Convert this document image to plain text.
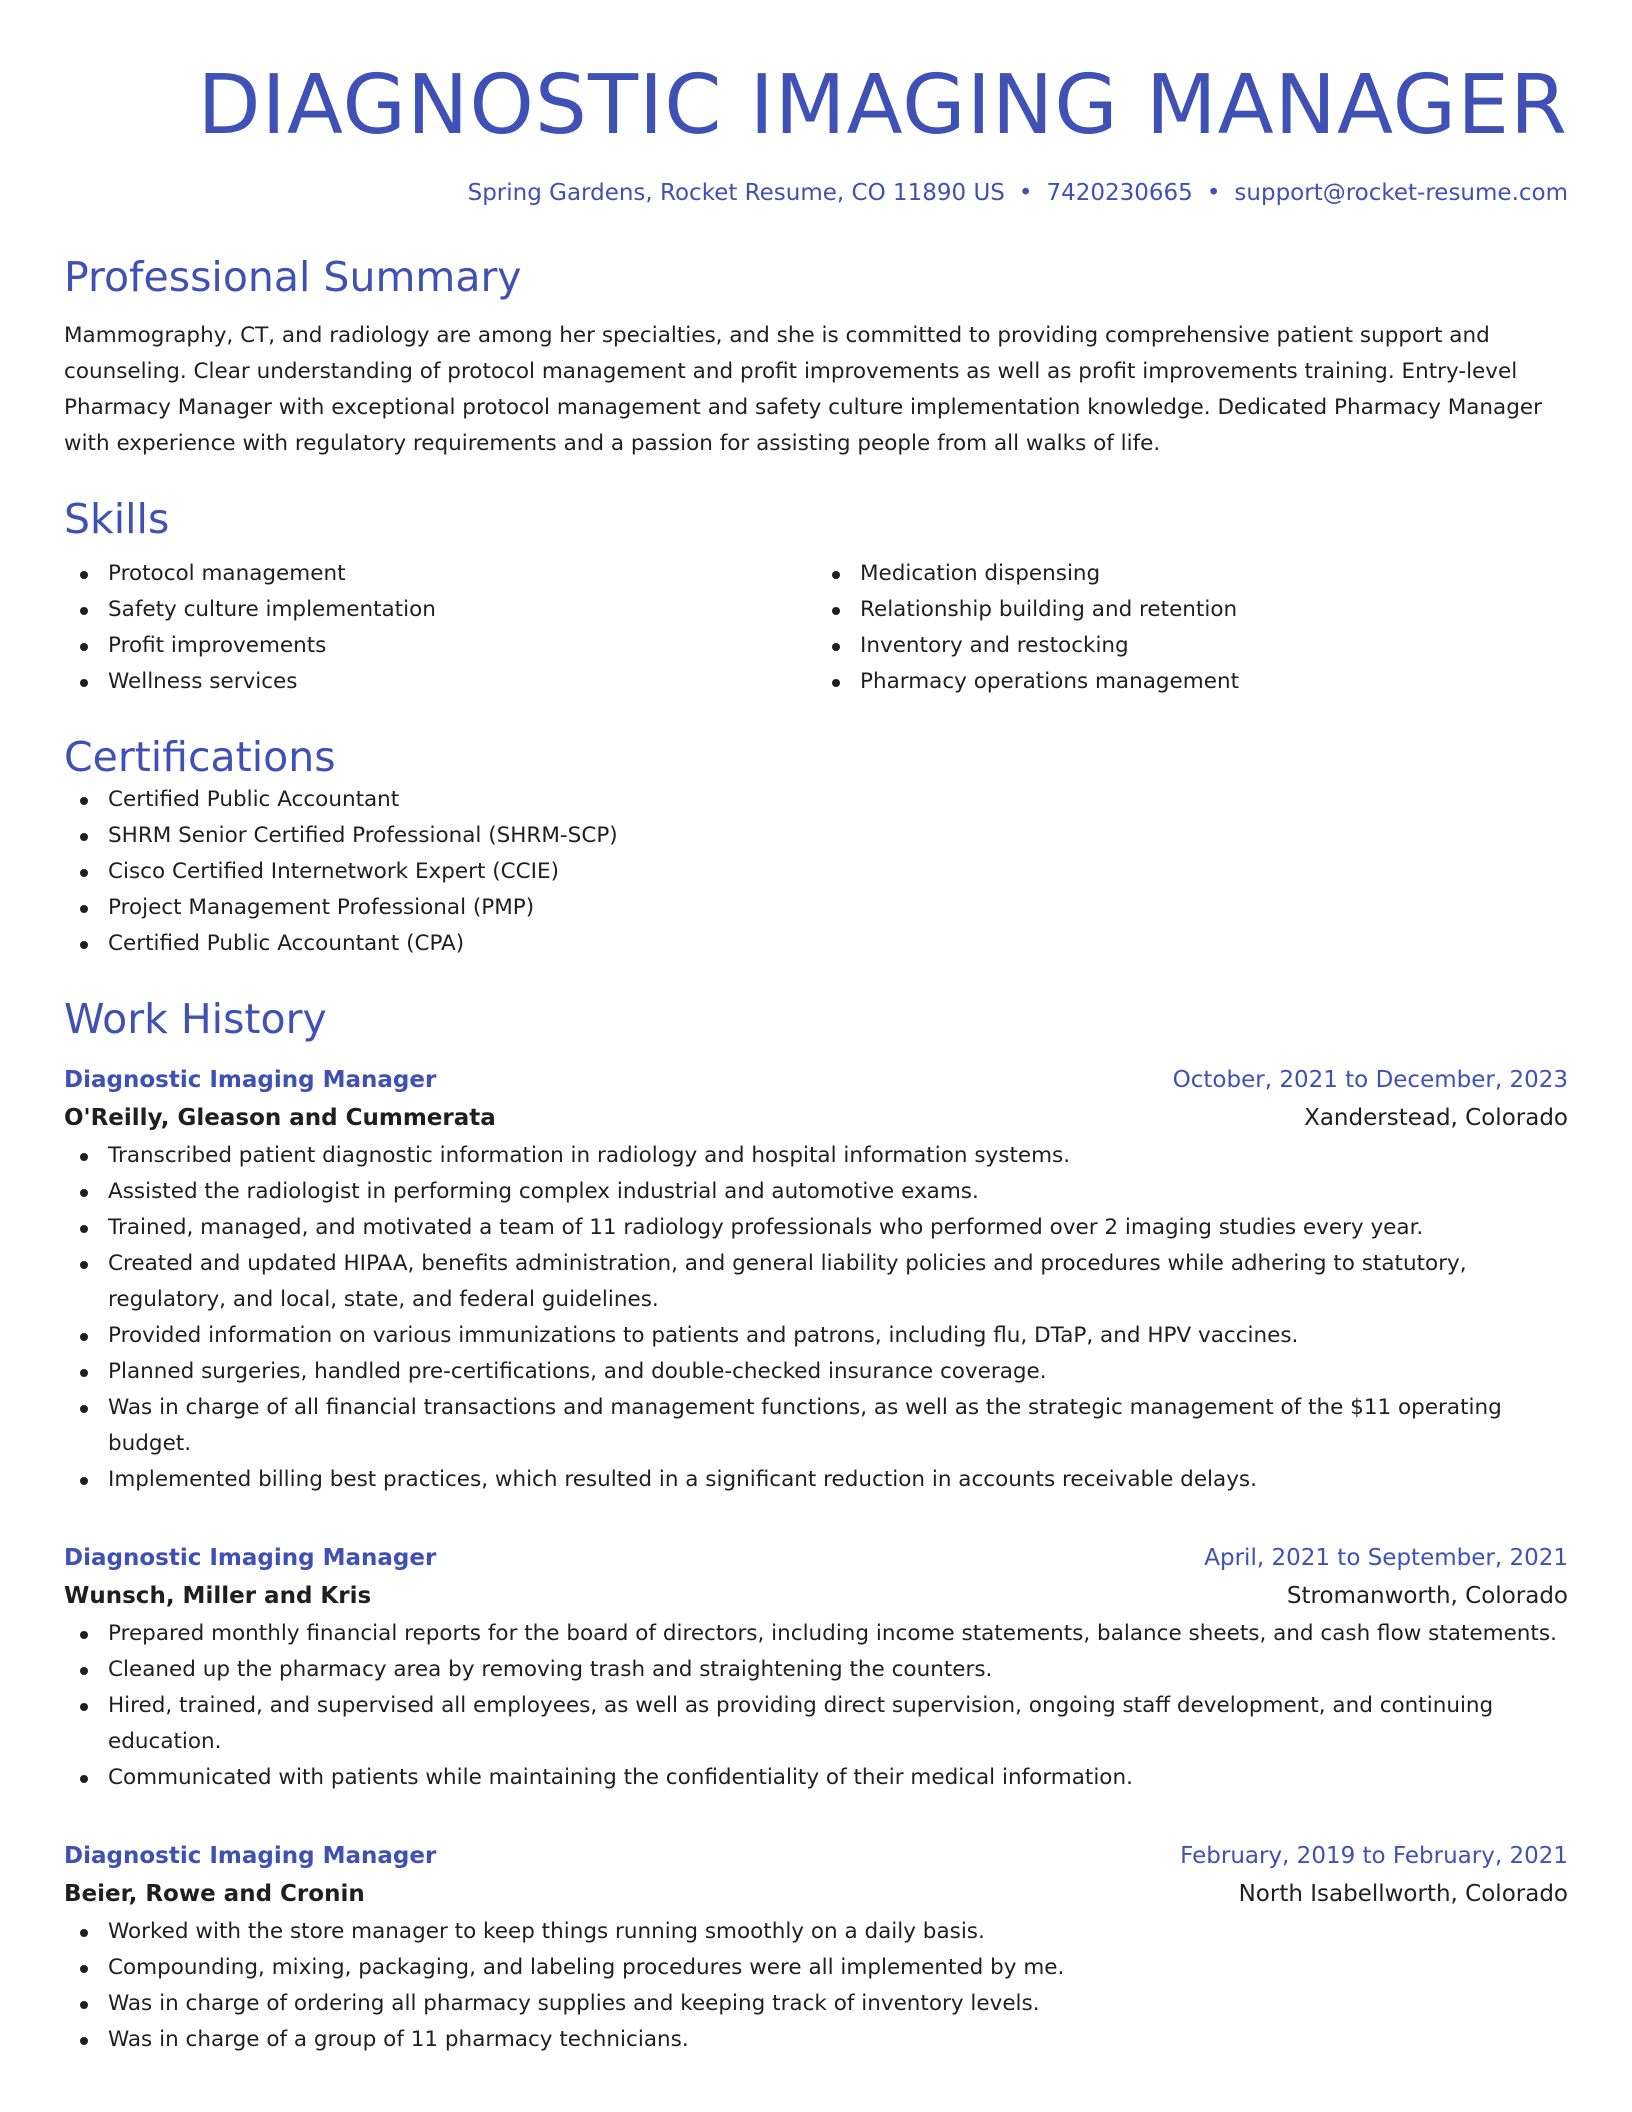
DIAGNOSTIC IMAGING MANAGER
Spring Gardens, Rocket Resume, CO 11890 US • 7420230665 • support@rocket-resume.com
Professional Summary

Mammography, CT, and radiology are among her specialties, and she is committed to providing comprehensive patient support and counseling. Clear understanding of protocol management and profit improvements as well as profit improvements training. Entry-level Pharmacy Manager with exceptional protocol management and safety culture implementation knowledge. Dedicated Pharmacy Manager with experience with regulatory requirements and a passion for assisting people from all walks of life.

Skills
Protocol management
Safety culture implementation
Profit improvements
Wellness services
Medication dispensing
Relationship building and retention
Inventory and restocking
Pharmacy operations management
Certifications
Certified Public Accountant
SHRM Senior Certified Professional (SHRM-SCP)
Cisco Certified Internetwork Expert (CCIE)
Project Management Professional (PMP)
Certified Public Accountant (CPA)
Work History
Diagnostic Imaging Manager	October, 2021 to December, 2023
O'Reilly, Gleason and Cummerata	Xanderstead, Colorado
Transcribed patient diagnostic information in radiology and hospital information systems.
Assisted the radiologist in performing complex industrial and automotive exams.
Trained, managed, and motivated a team of 11 radiology professionals who performed over 2 imaging studies every year.
Created and updated HIPAA, benefits administration, and general liability policies and procedures while adhering to statutory, regulatory, and local, state, and federal guidelines.
Provided information on various immunizations to patients and patrons, including flu, DTaP, and HPV vaccines.
Planned surgeries, handled pre-certifications, and double-checked insurance coverage.
Was in charge of all financial transactions and management functions, as well as the strategic management of the $11 operating budget.
Implemented billing best practices, which resulted in a significant reduction in accounts receivable delays.
Diagnostic Imaging Manager	April, 2021 to September, 2021
Wunsch, Miller and Kris	Stromanworth, Colorado
Prepared monthly financial reports for the board of directors, including income statements, balance sheets, and cash flow statements.
Cleaned up the pharmacy area by removing trash and straightening the counters.
Hired, trained, and supervised all employees, as well as providing direct supervision, ongoing staff development, and continuing education.
Communicated with patients while maintaining the confidentiality of their medical information.
Diagnostic Imaging Manager	February, 2019 to February, 2021
Beier, Rowe and Cronin	North Isabellworth, Colorado
Worked with the store manager to keep things running smoothly on a daily basis.
Compounding, mixing, packaging, and labeling procedures were all implemented by me.
Was in charge of ordering all pharmacy supplies and keeping track of inventory levels.
Was in charge of a group of 11 pharmacy technicians.
